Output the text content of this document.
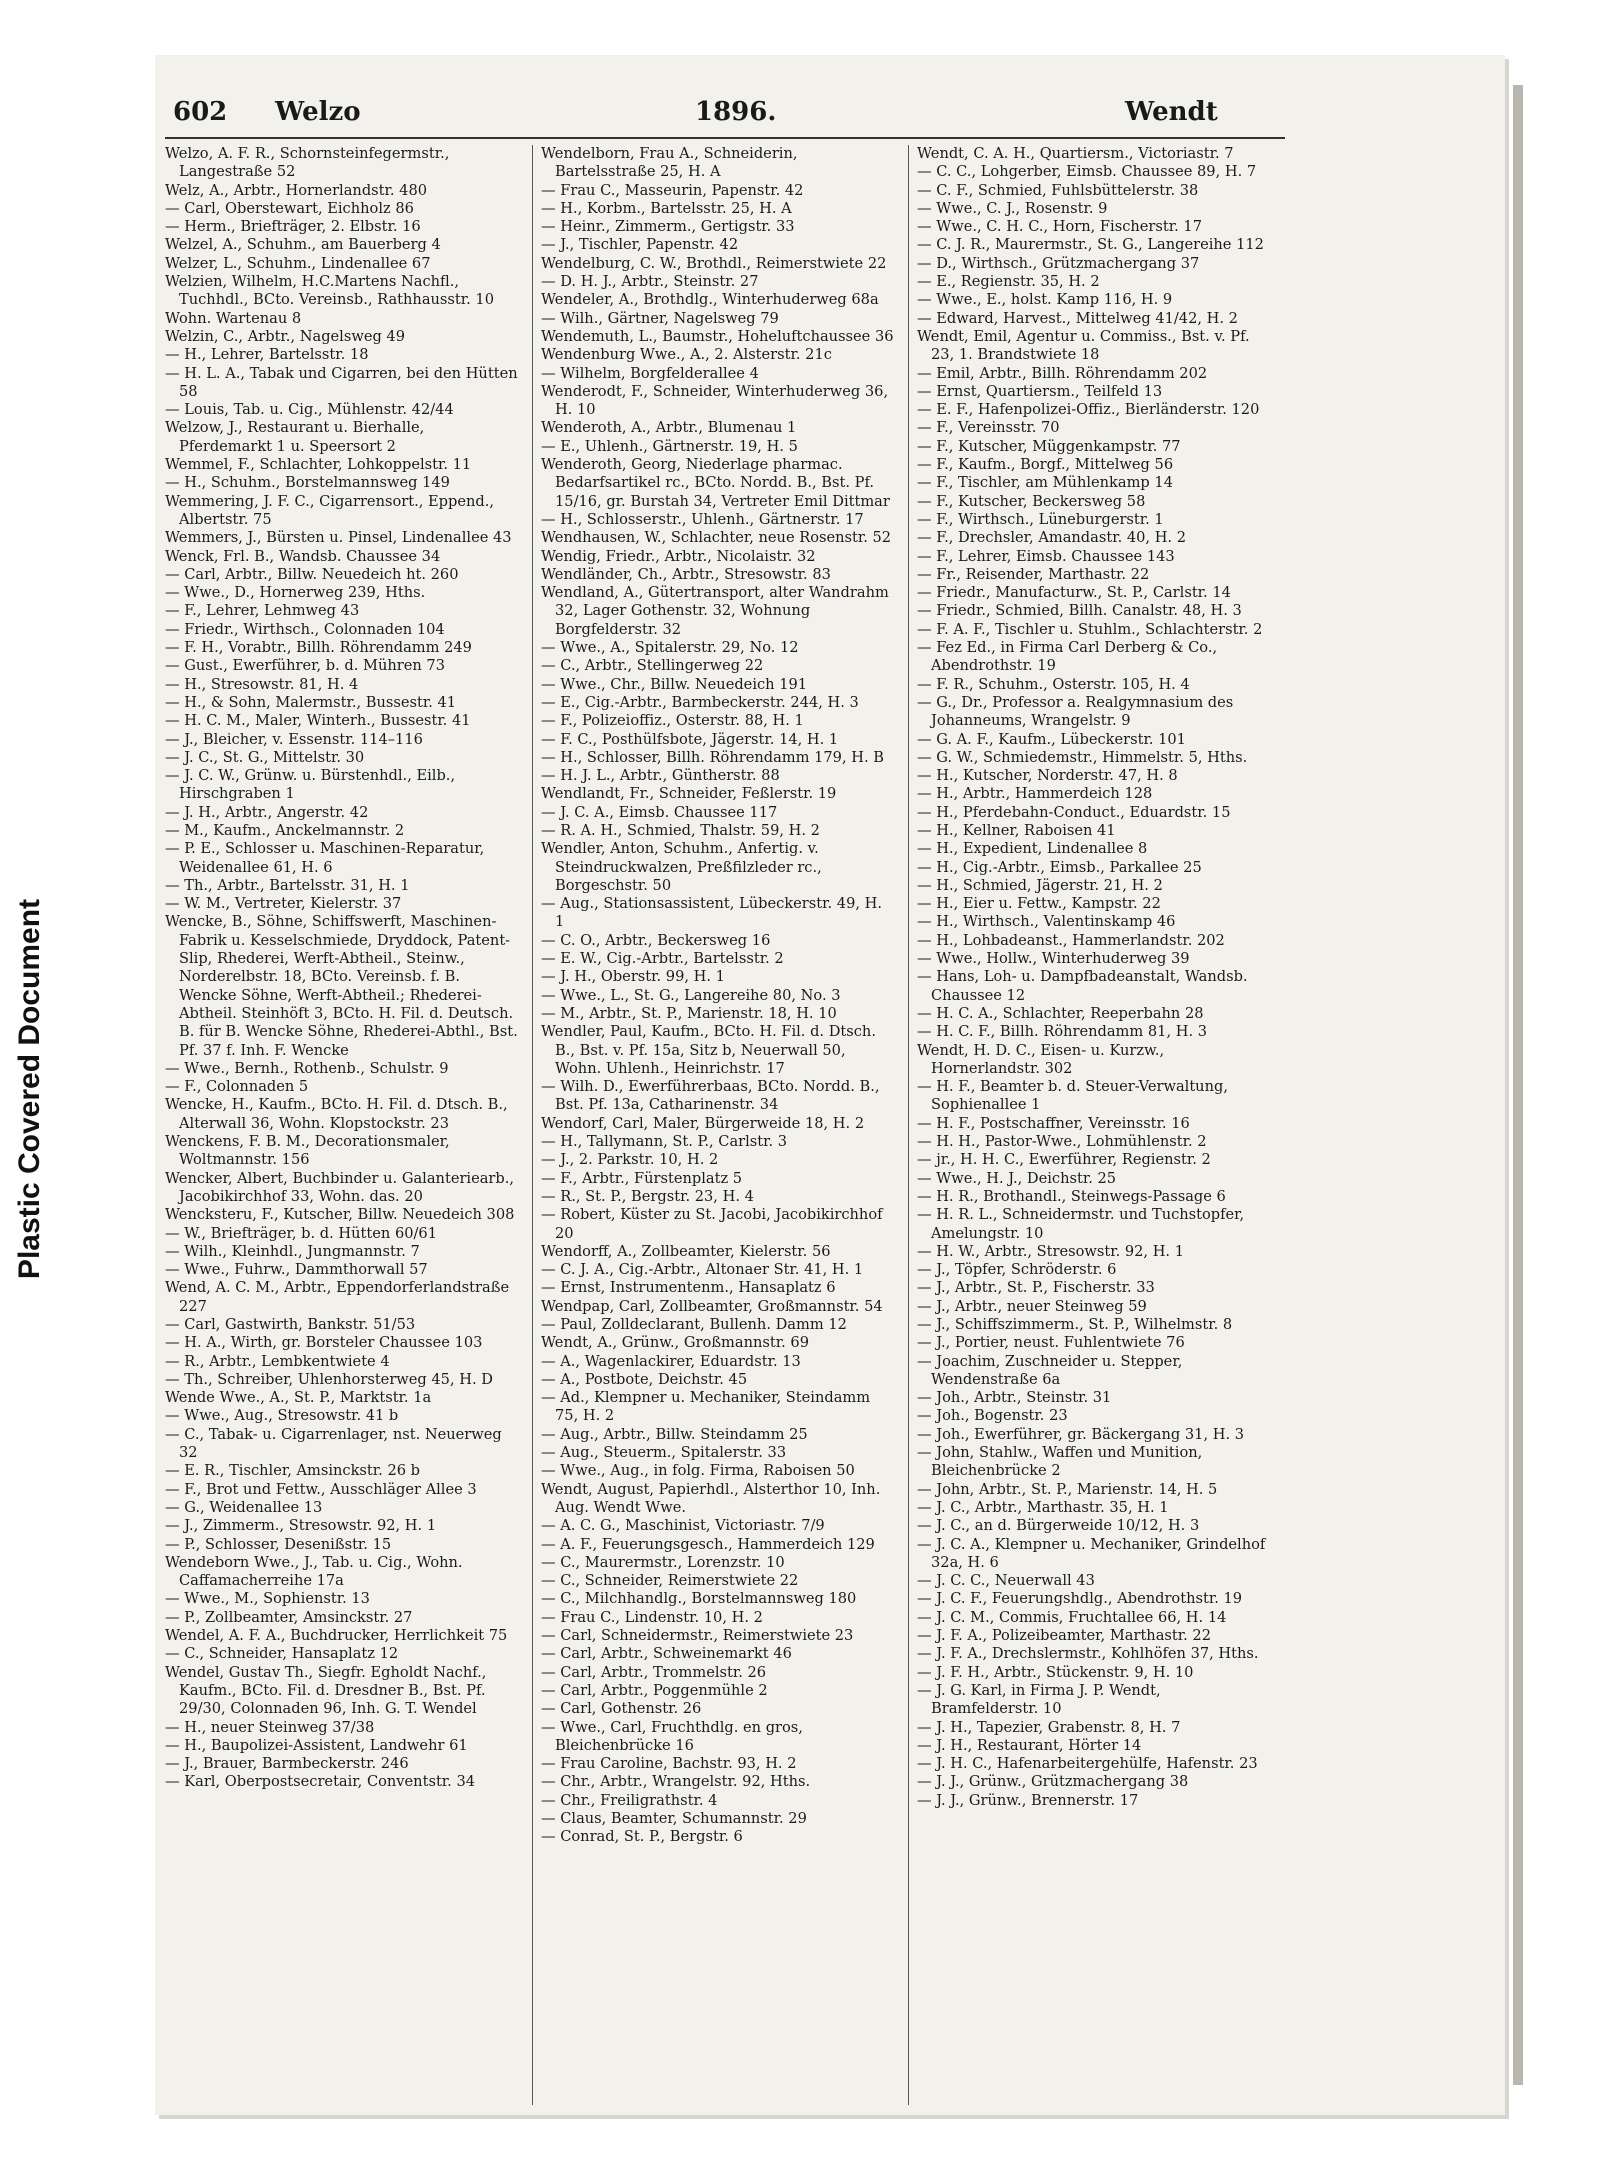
Plastic Covered Document
602 Welzo	1896.	Wendt
Welzo, A. F. R., Schornsteinfegermstr., Langestraße 52
Welz, A., Arbtr., Hornerlandstr. 480
— Carl, Oberstewart, Eichholz 86
— Herm., Briefträger, 2. Elbstr. 16
Welzel, A., Schuhm., am Bauerberg 4
Welzer, L., Schuhm., Lindenallee 67
Welzien, Wilhelm, H.C.Martens Nachfl., Tuchhdl., BCto. Vereinsb., Rathhausstr. 10
Wohn. Wartenau 8
Welzin, C., Arbtr., Nagelsweg 49
— H., Lehrer, Bartelsstr. 18
— H. L. A., Tabak und Cigarren, bei den Hütten 58
— Louis, Tab. u. Cig., Mühlenstr. 42/44
Welzow, J., Restaurant u. Bierhalle, Pferdemarkt 1 u. Speersort 2
Wemmel, F., Schlachter, Lohkoppelstr. 11
— H., Schuhm., Borstelmannsweg 149
Wemmering, J. F. C., Cigarrensort., Eppend., Albertstr. 75
Wemmers, J., Bürsten u. Pinsel, Lindenallee 43
Wenck, Frl. B., Wandsb. Chaussee 34
— Carl, Arbtr., Billw. Neuedeich ht. 260
— Wwe., D., Hornerweg 239, Hths.
— F., Lehrer, Lehmweg 43
— Friedr., Wirthsch., Colonnaden 104
— F. H., Vorabtr., Billh. Röhrendamm 249
— Gust., Ewerführer, b. d. Mühren 73
— H., Stresowstr. 81, H. 4
— H., & Sohn, Malermstr., Bussestr. 41
— H. C. M., Maler, Winterh., Bussestr. 41
— J., Bleicher, v. Essenstr. 114–116
— J. C., St. G., Mittelstr. 30
— J. C. W., Grünw. u. Bürstenhdl., Eilb., Hirschgraben 1
— J. H., Arbtr., Angerstr. 42
— M., Kaufm., Anckelmannstr. 2
— P. E., Schlosser u. Maschinen-Reparatur, Weidenallee 61, H. 6
— Th., Arbtr., Bartelsstr. 31, H. 1
— W. M., Vertreter, Kielerstr. 37
Wencke, B., Söhne, Schiffswerft, Maschinen-Fabrik u. Kesselschmiede, Dryddock, Patent-Slip, Rhederei, Werft-Abtheil., Steinw., Norderelbstr. 18, BCto. Vereinsb. f. B. Wencke Söhne, Werft-Abtheil.; Rhederei-Abtheil. Steinhöft 3, BCto. H. Fil. d. Deutsch. B. für B. Wencke Söhne, Rhederei-Abthl., Bst. Pf. 37 f. Inh. F. Wencke
— Wwe., Bernh., Rothenb., Schulstr. 9
— F., Colonnaden 5
Wencke, H., Kaufm., BCto. H. Fil. d. Dtsch. B., Alterwall 36, Wohn. Klopstockstr. 23
Wenckens, F. B. M., Decorationsmaler, Woltmannstr. 156
Wencker, Albert, Buchbinder u. Galanteriearb., Jacobikirchhof 33, Wohn. das. 20
Wencksteru, F., Kutscher, Billw. Neuedeich 308
— W., Briefträger, b. d. Hütten 60/61
— Wilh., Kleinhdl., Jungmannstr. 7
— Wwe., Fuhrw., Dammthorwall 57
Wend, A. C. M., Arbtr., Eppendorferlandstraße 227
— Carl, Gastwirth, Bankstr. 51/53
— H. A., Wirth, gr. Borsteler Chaussee 103
— R., Arbtr., Lembkentwiete 4
— Th., Schreiber, Uhlenhorsterweg 45, H. D
Wende Wwe., A., St. P., Marktstr. 1a
— Wwe., Aug., Stresowstr. 41 b
— C., Tabak- u. Cigarrenlager, nst. Neuerweg 32
— E. R., Tischler, Amsinckstr. 26 b
— F., Brot und Fettw., Ausschläger Allee 3
— G., Weidenallee 13
— J., Zimmerm., Stresowstr. 92, H. 1
— P., Schlosser, Desenißstr. 15
Wendeborn Wwe., J., Tab. u. Cig., Wohn. Caffamacherreihe 17a
— Wwe., M., Sophienstr. 13
— P., Zollbeamter, Amsinckstr. 27
Wendel, A. F. A., Buchdrucker, Herrlichkeit 75
— C., Schneider, Hansaplatz 12
Wendel, Gustav Th., Siegfr. Egholdt Nachf., Kaufm., BCto. Fil. d. Dresdner B., Bst. Pf. 29/30, Colonnaden 96, Inh. G. T. Wendel
— H., neuer Steinweg 37/38
— H., Baupolizei-Assistent, Landwehr 61
— J., Brauer, Barmbeckerstr. 246
— Karl, Oberpostsecretair, Conventstr. 34
Wendelborn, Frau A., Schneiderin, Bartelsstraße 25, H. A
— Frau C., Masseurin, Papenstr. 42
— H., Korbm., Bartelsstr. 25, H. A
— Heinr., Zimmerm., Gertigstr. 33
— J., Tischler, Papenstr. 42
Wendelburg, C. W., Brothdl., Reimerstwiete 22
— D. H. J., Arbtr., Steinstr. 27
Wendeler, A., Brothdlg., Winterhuderweg 68a
— Wilh., Gärtner, Nagelsweg 79
Wendemuth, L., Baumstr., Hoheluftchaussee 36
Wendenburg Wwe., A., 2. Alsterstr. 21c
— Wilhelm, Borgfelderallee 4
Wenderodt, F., Schneider, Winterhuderweg 36, H. 10
Wenderoth, A., Arbtr., Blumenau 1
— E., Uhlenh., Gärtnerstr. 19, H. 5
Wenderoth, Georg, Niederlage pharmac. Bedarfsartikel rc., BCto. Nordd. B., Bst. Pf. 15/16, gr. Burstah 34, Vertreter Emil Dittmar
— H., Schlosserstr., Uhlenh., Gärtnerstr. 17
Wendhausen, W., Schlachter, neue Rosenstr. 52
Wendig, Friedr., Arbtr., Nicolaistr. 32
Wendländer, Ch., Arbtr., Stresowstr. 83
Wendland, A., Gütertransport, alter Wandrahm 32, Lager Gothenstr. 32, Wohnung Borgfelderstr. 32
— Wwe., A., Spitalerstr. 29, No. 12
— C., Arbtr., Stellingerweg 22
— Wwe., Chr., Billw. Neuedeich 191
— E., Cig.-Arbtr., Barmbeckerstr. 244, H. 3
— F., Polizeioffiz., Osterstr. 88, H. 1
— F. C., Posthülfsbote, Jägerstr. 14, H. 1
— H., Schlosser, Billh. Röhrendamm 179, H. B
— H. J. L., Arbtr., Güntherstr. 88
Wendlandt, Fr., Schneider, Feßlerstr. 19
— J. C. A., Eimsb. Chaussee 117
— R. A. H., Schmied, Thalstr. 59, H. 2
Wendler, Anton, Schuhm., Anfertig. v. Steindruckwalzen, Preßfilzleder rc., Borgeschstr. 50
— Aug., Stationsassistent, Lübeckerstr. 49, H. 1
— C. O., Arbtr., Beckersweg 16
— E. W., Cig.-Arbtr., Bartelsstr. 2
— J. H., Oberstr. 99, H. 1
— Wwe., L., St. G., Langereihe 80, No. 3
— M., Arbtr., St. P., Marienstr. 18, H. 10
Wendler, Paul, Kaufm., BCto. H. Fil. d. Dtsch. B., Bst. v. Pf. 15a, Sitz b, Neuerwall 50, Wohn. Uhlenh., Heinrichstr. 17
— Wilh. D., Ewerführerbaas, BCto. Nordd. B., Bst. Pf. 13a, Catharinenstr. 34
Wendorf, Carl, Maler, Bürgerweide 18, H. 2
— H., Tallymann, St. P., Carlstr. 3
— J., 2. Parkstr. 10, H. 2
— F., Arbtr., Fürstenplatz 5
— R., St. P., Bergstr. 23, H. 4
— Robert, Küster zu St. Jacobi, Jacobikirchhof 20
Wendorff, A., Zollbeamter, Kielerstr. 56
— C. J. A., Cig.-Arbtr., Altonaer Str. 41, H. 1
— Ernst, Instrumentenm., Hansaplatz 6
Wendpap, Carl, Zollbeamter, Großmannstr. 54
— Paul, Zolldeclarant, Bullenh. Damm 12
Wendt, A., Grünw., Großmannstr. 69
— A., Wagenlackirer, Eduardstr. 13
— A., Postbote, Deichstr. 45
— Ad., Klempner u. Mechaniker, Steindamm 75, H. 2
— Aug., Arbtr., Billw. Steindamm 25
— Aug., Steuerm., Spitalerstr. 33
— Wwe., Aug., in folg. Firma, Raboisen 50
Wendt, August, Papierhdl., Alsterthor 10, Inh. Aug. Wendt Wwe.
— A. C. G., Maschinist, Victoriastr. 7/9
— A. F., Feuerungsgesch., Hammerdeich 129
— C., Maurermstr., Lorenzstr. 10
— C., Schneider, Reimerstwiete 22
— C., Milchhandlg., Borstelmannsweg 180
— Frau C., Lindenstr. 10, H. 2
— Carl, Schneidermstr., Reimerstwiete 23
— Carl, Arbtr., Schweinemarkt 46
— Carl, Arbtr., Trommelstr. 26
— Carl, Arbtr., Poggenmühle 2
— Carl, Gothenstr. 26
— Wwe., Carl, Fruchthdlg. en gros, Bleichenbrücke 16
— Frau Caroline, Bachstr. 93, H. 2
— Chr., Arbtr., Wrangelstr. 92, Hths.
— Chr., Freiligrathstr. 4
— Claus, Beamter, Schumannstr. 29
— Conrad, St. P., Bergstr. 6
Wendt, C. A. H., Quartiersm., Victoriastr. 7
— C. C., Lohgerber, Eimsb. Chaussee 89, H. 7
— C. F., Schmied, Fuhlsbüttelerstr. 38
— Wwe., C. J., Rosenstr. 9
— Wwe., C. H. C., Horn, Fischerstr. 17
— C. J. R., Maurermstr., St. G., Langereihe 112
— D., Wirthsch., Grützmachergang 37
— E., Regienstr. 35, H. 2
— Wwe., E., holst. Kamp 116, H. 9
— Edward, Harvest., Mittelweg 41/42, H. 2
Wendt, Emil, Agentur u. Commiss., Bst. v. Pf. 23, 1. Brandstwiete 18
— Emil, Arbtr., Billh. Röhrendamm 202
— Ernst, Quartiersm., Teilfeld 13
— E. F., Hafenpolizei-Offiz., Bierländerstr. 120
— F., Vereinsstr. 70
— F., Kutscher, Müggenkampstr. 77
— F., Kaufm., Borgf., Mittelweg 56
— F., Tischler, am Mühlenkamp 14
— F., Kutscher, Beckersweg 58
— F., Wirthsch., Lüneburgerstr. 1
— F., Drechsler, Amandastr. 40, H. 2
— F., Lehrer, Eimsb. Chaussee 143
— Fr., Reisender, Marthastr. 22
— Friedr., Manufacturw., St. P., Carlstr. 14
— Friedr., Schmied, Billh. Canalstr. 48, H. 3
— F. A. F., Tischler u. Stuhlm., Schlachterstr. 2
— Fez Ed., in Firma Carl Derberg & Co., Abendrothstr. 19
— F. R., Schuhm., Osterstr. 105, H. 4
— G., Dr., Professor a. Realgymnasium des Johanneums, Wrangelstr. 9
— G. A. F., Kaufm., Lübeckerstr. 101
— G. W., Schmiedemstr., Himmelstr. 5, Hths.
— H., Kutscher, Norderstr. 47, H. 8
— H., Arbtr., Hammerdeich 128
— H., Pferdebahn-Conduct., Eduardstr. 15
— H., Kellner, Raboisen 41
— H., Expedient, Lindenallee 8
— H., Cig.-Arbtr., Eimsb., Parkallee 25
— H., Schmied, Jägerstr. 21, H. 2
— H., Eier u. Fettw., Kampstr. 22
— H., Wirthsch., Valentinskamp 46
— H., Lohbadeanst., Hammerlandstr. 202
— Wwe., Hollw., Winterhuderweg 39
— Hans, Loh- u. Dampfbadeanstalt, Wandsb. Chaussee 12
— H. C. A., Schlachter, Reeperbahn 28
— H. C. F., Billh. Röhrendamm 81, H. 3
Wendt, H. D. C., Eisen- u. Kurzw., Hornerlandstr. 302
— H. F., Beamter b. d. Steuer-Verwaltung, Sophienallee 1
— H. F., Postschaffner, Vereinsstr. 16
— H. H., Pastor-Wwe., Lohmühlenstr. 2
— jr., H. H. C., Ewerführer, Regienstr. 2
— Wwe., H. J., Deichstr. 25
— H. R., Brothandl., Steinwegs-Passage 6
— H. R. L., Schneidermstr. und Tuchstopfer, Amelungstr. 10
— H. W., Arbtr., Stresowstr. 92, H. 1
— J., Töpfer, Schröderstr. 6
— J., Arbtr., St. P., Fischerstr. 33
— J., Arbtr., neuer Steinweg 59
— J., Schiffszimmerm., St. P., Wilhelmstr. 8
— J., Portier, neust. Fuhlentwiete 76
— Joachim, Zuschneider u. Stepper, Wendenstraße 6a
— Joh., Arbtr., Steinstr. 31
— Joh., Bogenstr. 23
— Joh., Ewerführer, gr. Bäckergang 31, H. 3
— John, Stahlw., Waffen und Munition, Bleichenbrücke 2
— John, Arbtr., St. P., Marienstr. 14, H. 5
— J. C., Arbtr., Marthastr. 35, H. 1
— J. C., an d. Bürgerweide 10/12, H. 3
— J. C. A., Klempner u. Mechaniker, Grindelhof 32a, H. 6
— J. C. C., Neuerwall 43
— J. C. F., Feuerungshdlg., Abendrothstr. 19
— J. C. M., Commis, Fruchtallee 66, H. 14
— J. F. A., Polizeibeamter, Marthastr. 22
— J. F. A., Drechslermstr., Kohlhöfen 37, Hths.
— J. F. H., Arbtr., Stückenstr. 9, H. 10
— J. G. Karl, in Firma J. P. Wendt, Bramfelderstr. 10
— J. H., Tapezier, Grabenstr. 8, H. 7
— J. H., Restaurant, Hörter 14
— J. H. C., Hafenarbeitergehülfe, Hafenstr. 23
— J. J., Grünw., Grützmachergang 38
— J. J., Grünw., Brennerstr. 17
